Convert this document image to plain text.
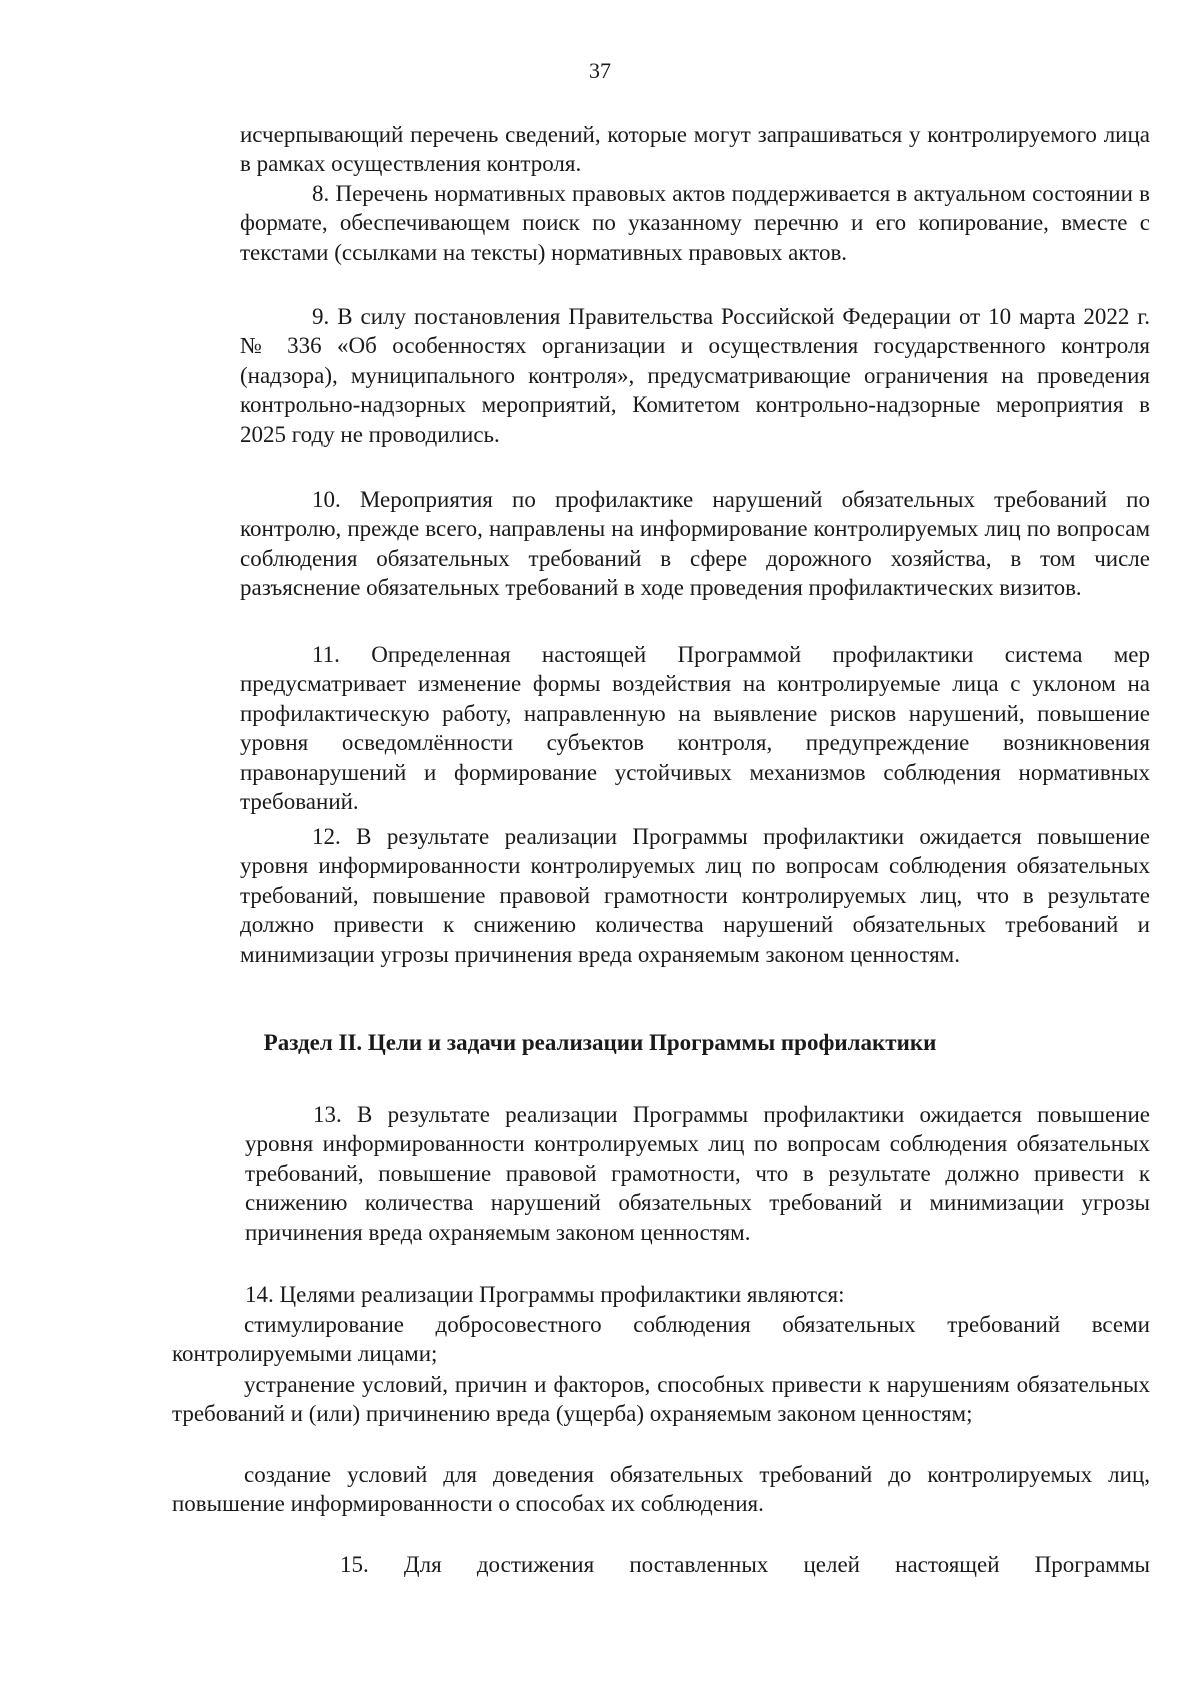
37

исчерпывающий перечень сведений, которые могут запрашиваться у контролируемого лица в рамках осуществления контроля.

8. Перечень нормативных правовых актов поддерживается в актуальном состоянии в формате, обеспечивающем поиск по указанному перечню и его копирование, вместе с текстами (ссылками на тексты) нормативных правовых актов.

9. В силу постановления Правительства Российской Федерации от 10 марта 2022 г. № 336 «Об особенностях организации и осуществления государственного контроля (надзора), муниципального контроля», предусматривающие ограничения на проведения контрольно-надзорных мероприятий, Комитетом контрольно-надзорные мероприятия в 2025 году не проводились.

10. Мероприятия по профилактике нарушений обязательных требований по контролю, прежде всего, направлены на информирование контролируемых лиц по вопросам соблюдения обязательных требований в сфере дорожного хозяйства, в том числе разъяснение обязательных требований в ходе проведения профилактических визитов.

11. Определенная настоящей Программой профилактики система мер предусматривает изменение формы воздействия на контролируемые лица с уклоном на профилактическую работу, направленную на выявление рисков нарушений, повышение уровня осведомлённости субъектов контроля, предупреждение возникновения правонарушений и формирование устойчивых механизмов соблюдения нормативных требований.

12. В результате реализации Программы профилактики ожидается повышение уровня информированности контролируемых лиц по вопросам соблюдения обязательных требований, повышение правовой грамотности контролируемых лиц, что в результате должно привести к снижению количества нарушений обязательных требований и минимизации угрозы причинения вреда охраняемым законом ценностям.

Раздел II. Цели и задачи реализации Программы профилактики

13. В результате реализации Программы профилактики ожидается повышение уровня информированности контролируемых лиц по вопросам соблюдения обязательных требований, повышение правовой грамотности, что в результате должно привести к снижению количества нарушений обязательных требований и минимизации угрозы причинения вреда охраняемым законом ценностям.

14. Целями реализации Программы профилактики являются:

стимулирование добросовестного соблюдения обязательных требований всеми контролируемыми лицами;

устранение условий, причин и факторов, способных привести к нарушениям обязательных требований и (или) причинению вреда (ущерба) охраняемым законом ценностям;

создание условий для доведения обязательных требований до контролируемых лиц, повышение информированности о способах их соблюдения.

15. Для достижения поставленных целей настоящей Программы
